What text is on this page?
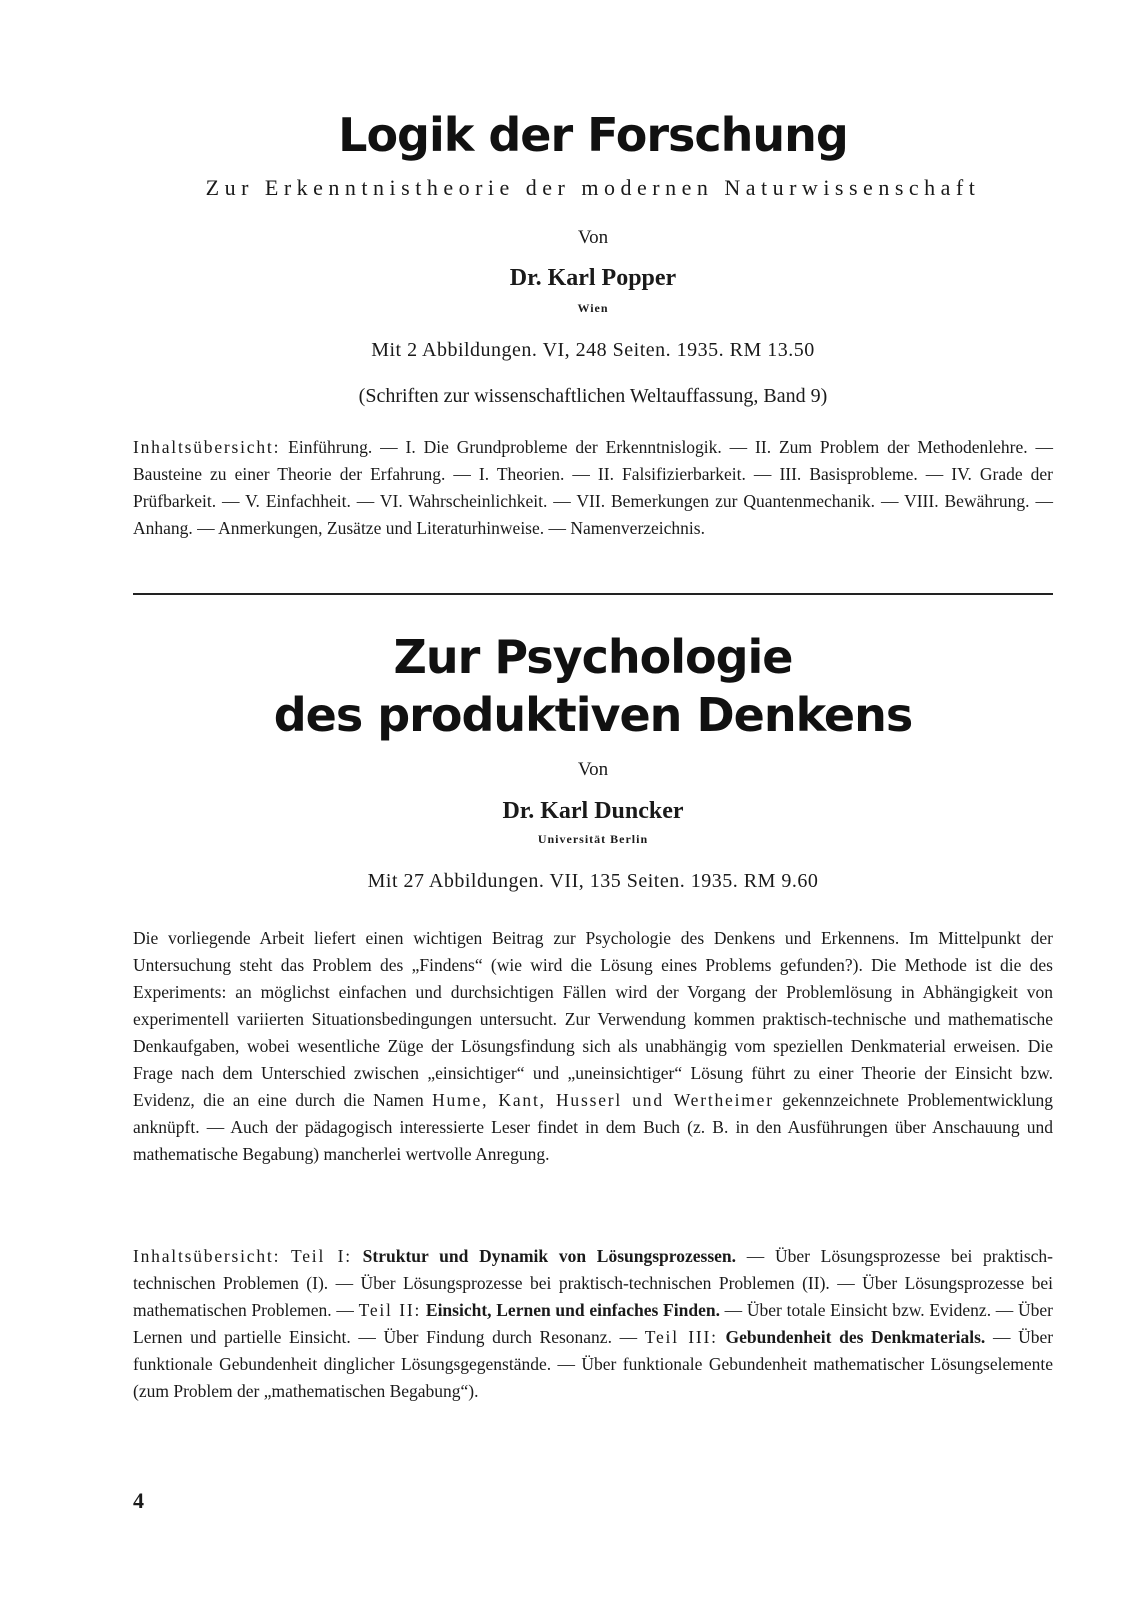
Logik der Forschung
Zur Erkenntnistheorie der modernen Naturwissenschaft
Von
Dr. Karl Popper
Wien
Mit 2 Abbildungen. VI, 248 Seiten. 1935. RM 13.50
(Schriften zur wissenschaftlichen Weltauffassung, Band 9)
Inhaltsübersicht: Einführung. — I. Die Grundprobleme der Erkenntnislogik. — II. Zum Problem der Methodenlehre. — Bausteine zu einer Theorie der Erfahrung. — I. Theorien. — II. Falsifizierbarkeit. — III. Basisprobleme. — IV. Grade der Prüfbarkeit. — V. Einfachheit. — VI. Wahrscheinlichkeit. — VII. Bemerkungen zur Quantenmechanik. — VIII. Bewährung. — Anhang. — Anmerkungen, Zusätze und Literaturhinweise. — Namenverzeichnis.
Zur Psychologie
des produktiven Denkens
Von
Dr. Karl Duncker
Universität Berlin
Mit 27 Abbildungen. VII, 135 Seiten. 1935. RM 9.60
Die vorliegende Arbeit liefert einen wichtigen Beitrag zur Psychologie des Denkens und Erkennens. Im Mittelpunkt der Untersuchung steht das Problem des „Findens“ (wie wird die Lösung eines Problems gefunden?). Die Methode ist die des Experiments: an möglichst einfachen und durchsichtigen Fällen wird der Vorgang der Problemlösung in Abhängigkeit von experimentell variierten Situationsbedingungen untersucht. Zur Verwendung kommen praktisch-technische und mathematische Denkaufgaben, wobei wesentliche Züge der Lösungsfindung sich als unabhängig vom speziellen Denkmaterial erweisen. Die Frage nach dem Unterschied zwischen „einsichtiger“ und „uneinsichtiger“ Lösung führt zu einer Theorie der Einsicht bzw. Evidenz, die an eine durch die Namen Hume, Kant, Husserl und Wertheimer gekennzeichnete Problementwicklung anknüpft. — Auch der pädagogisch interessierte Leser findet in dem Buch (z. B. in den Ausführungen über Anschauung und mathematische Begabung) mancherlei wertvolle Anregung.
Inhaltsübersicht: Teil I: Struktur und Dynamik von Lösungsprozessen. — Über Lösungsprozesse bei praktisch-technischen Problemen (I). — Über Lösungsprozesse bei praktisch-technischen Problemen (II). — Über Lösungsprozesse bei mathematischen Problemen. — Teil II: Einsicht, Lernen und einfaches Finden. — Über totale Einsicht bzw. Evidenz. — Über Lernen und partielle Einsicht. — Über Findung durch Resonanz. — Teil III: Gebundenheit des Denkmaterials. — Über funktionale Gebundenheit dinglicher Lösungsgegenstände. — Über funktionale Gebundenheit mathematischer Lösungselemente (zum Problem der „mathematischen Begabung“).
4
